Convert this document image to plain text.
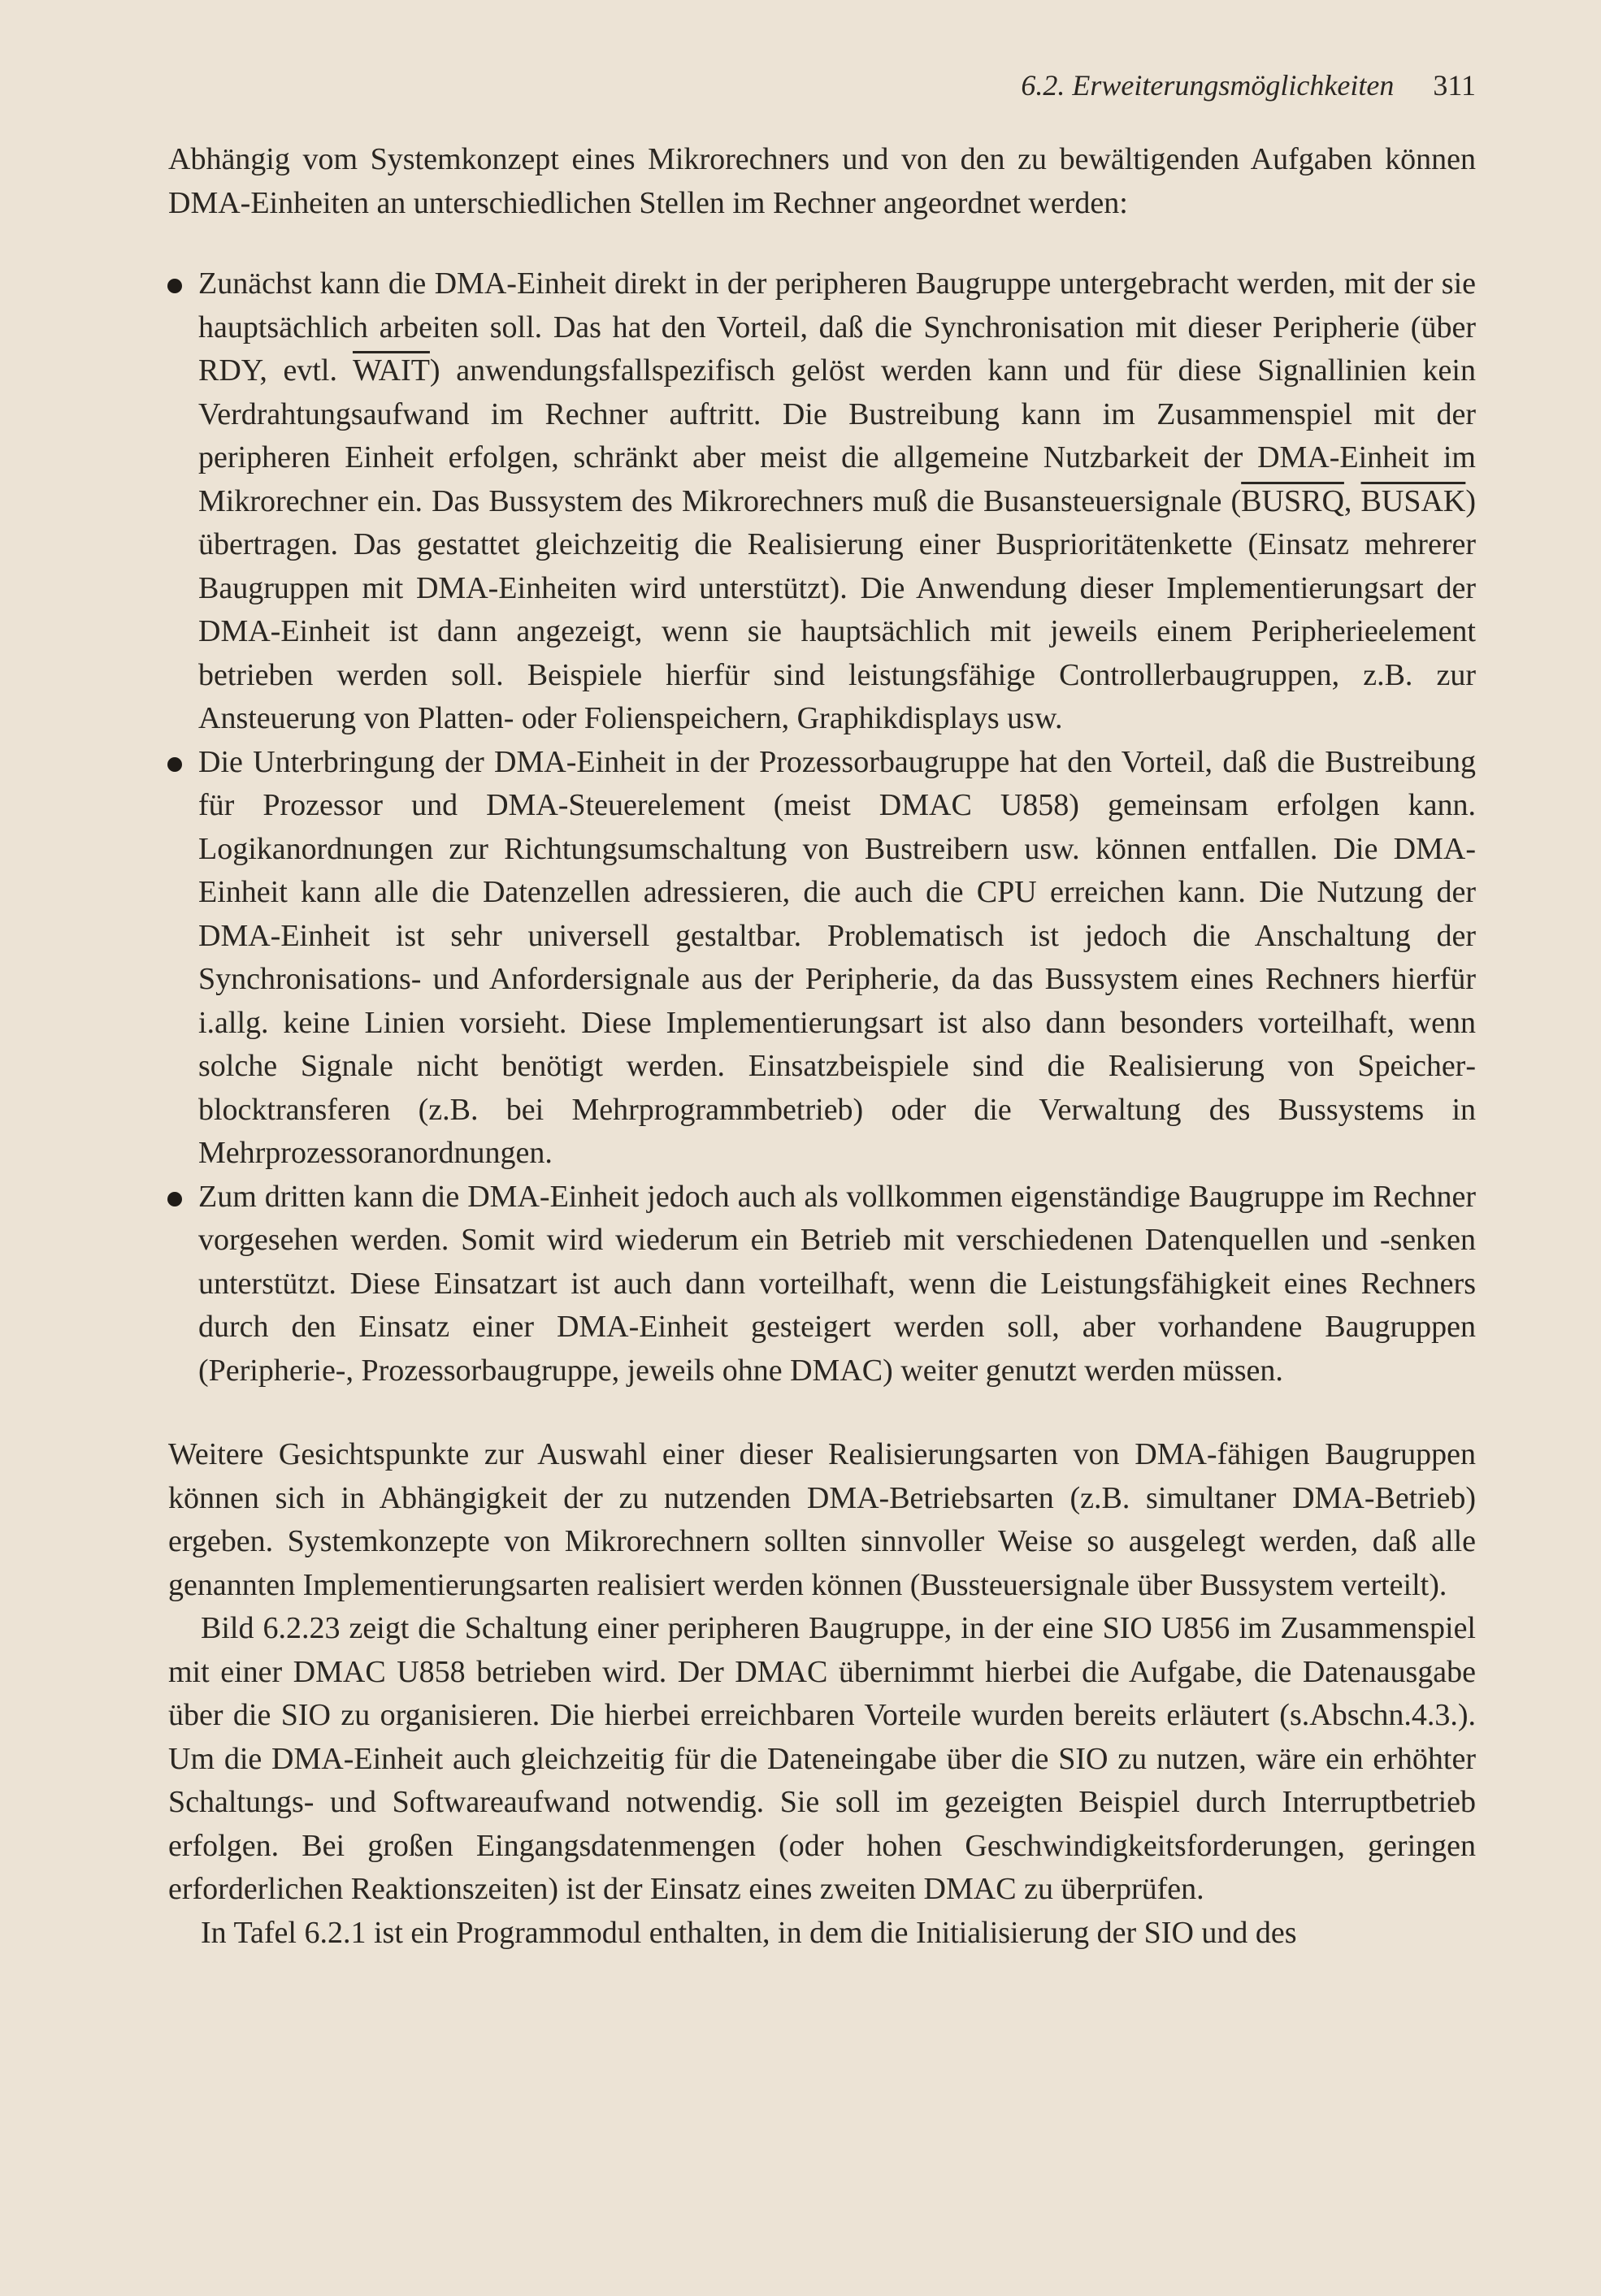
6.2. Erweiterungsmöglichkeiten 311

Abhängig vom Systemkonzept eines Mikrorechners und von den zu bewältigenden Aufgaben können DMA-Einheiten an unterschiedlichen Stellen im Rechner angeordnet werden:

Zunächst kann die DMA-Einheit direkt in der peripheren Baugruppe untergebracht werden, mit der sie hauptsächlich arbeiten soll. Das hat den Vorteil, daß die Synchronisation mit dieser Peripherie (über RDY, evtl. WAIT) anwendungsfallspezifisch gelöst werden kann und für diese Signallinien kein Verdrahtungsaufwand im Rechner auftritt. Die Bustreibung kann im Zusammenspiel mit der peripheren Einheit erfolgen, schränkt aber meist die allgemeine Nutzbarkeit der DMA-Einheit im Mikrorechner ein. Das Bussystem des Mikrorechners muß die Busansteuersignale (BUSRQ, BUSAK) übertragen. Das gestattet gleichzeitig die Realisierung einer Busprioritätenkette (Einsatz mehrerer Baugruppen mit DMA-Einheiten wird unterstützt). Die Anwendung dieser Implementierungsart der DMA-Einheit ist dann angezeigt, wenn sie hauptsächlich mit jeweils einem Peripherieelement betrieben werden soll. Beispiele hierfür sind leistungsfähige Controllerbaugruppen, z.B. zur Ansteuerung von Platten- oder Folienspeichern, Graphikdisplays usw.
Die Unterbringung der DMA-Einheit in der Prozessorbaugruppe hat den Vorteil, daß die Bustreibung für Prozessor und DMA-Steuerelement (meist DMAC U858) gemeinsam erfolgen kann. Logikanordnungen zur Richtungsumschaltung von Bustreibern usw. können entfallen. Die DMA-Einheit kann alle die Datenzellen adressieren, die auch die CPU erreichen kann. Die Nutzung der DMA-Einheit ist sehr universell gestaltbar. Problematisch ist jedoch die Anschaltung der Synchronisations- und Anfordersignale aus der Peripherie, da das Bussystem eines Rechners hierfür i.allg. keine Linien vorsieht. Diese Implementierungsart ist also dann besonders vorteilhaft, wenn solche Signale nicht benötigt werden. Einsatzbeispiele sind die Realisierung von Speicherblocktransferen (z.B. bei Mehrprogrammbetrieb) oder die Verwaltung des Bussystems in Mehrprozessoranordnungen.
Zum dritten kann die DMA-Einheit jedoch auch als vollkommen eigenständige Baugruppe im Rechner vorgesehen werden. Somit wird wiederum ein Betrieb mit verschiedenen Datenquellen und -senken unterstützt. Diese Einsatzart ist auch dann vorteilhaft, wenn die Leistungsfähigkeit eines Rechners durch den Einsatz einer DMA-Einheit gesteigert werden soll, aber vorhandene Baugruppen (Peripherie-, Prozessorbaugruppe, jeweils ohne DMAC) weiter genutzt werden müssen.

Weitere Gesichtspunkte zur Auswahl einer dieser Realisierungsarten von DMA-fähigen Baugruppen können sich in Abhängigkeit der zu nutzenden DMA-Betriebsarten (z.B. simultaner DMA-Betrieb) ergeben. Systemkonzepte von Mikrorechnern sollten sinnvoller Weise so ausgelegt werden, daß alle genannten Implementierungsarten realisiert werden können (Bussteuersignale über Bussystem verteilt).

Bild 6.2.23 zeigt die Schaltung einer peripheren Baugruppe, in der eine SIO U856 im Zusammenspiel mit einer DMAC U858 betrieben wird. Der DMAC übernimmt hierbei die Aufgabe, die Datenausgabe über die SIO zu organisieren. Die hierbei erreichbaren Vorteile wurden bereits erläutert (s.Abschn.4.3.). Um die DMA-Einheit auch gleichzeitig für die Dateneingabe über die SIO zu nutzen, wäre ein erhöhter Schaltungs- und Softwareaufwand notwendig. Sie soll im gezeigten Beispiel durch Interruptbetrieb erfolgen. Bei großen Eingangsdatenmengen (oder hohen Geschwindigkeitsforderungen, geringen erforderlichen Reaktionszeiten) ist der Einsatz eines zweiten DMAC zu überprüfen.

In Tafel 6.2.1 ist ein Programmodul enthalten, in dem die Initialisierung der SIO und des
